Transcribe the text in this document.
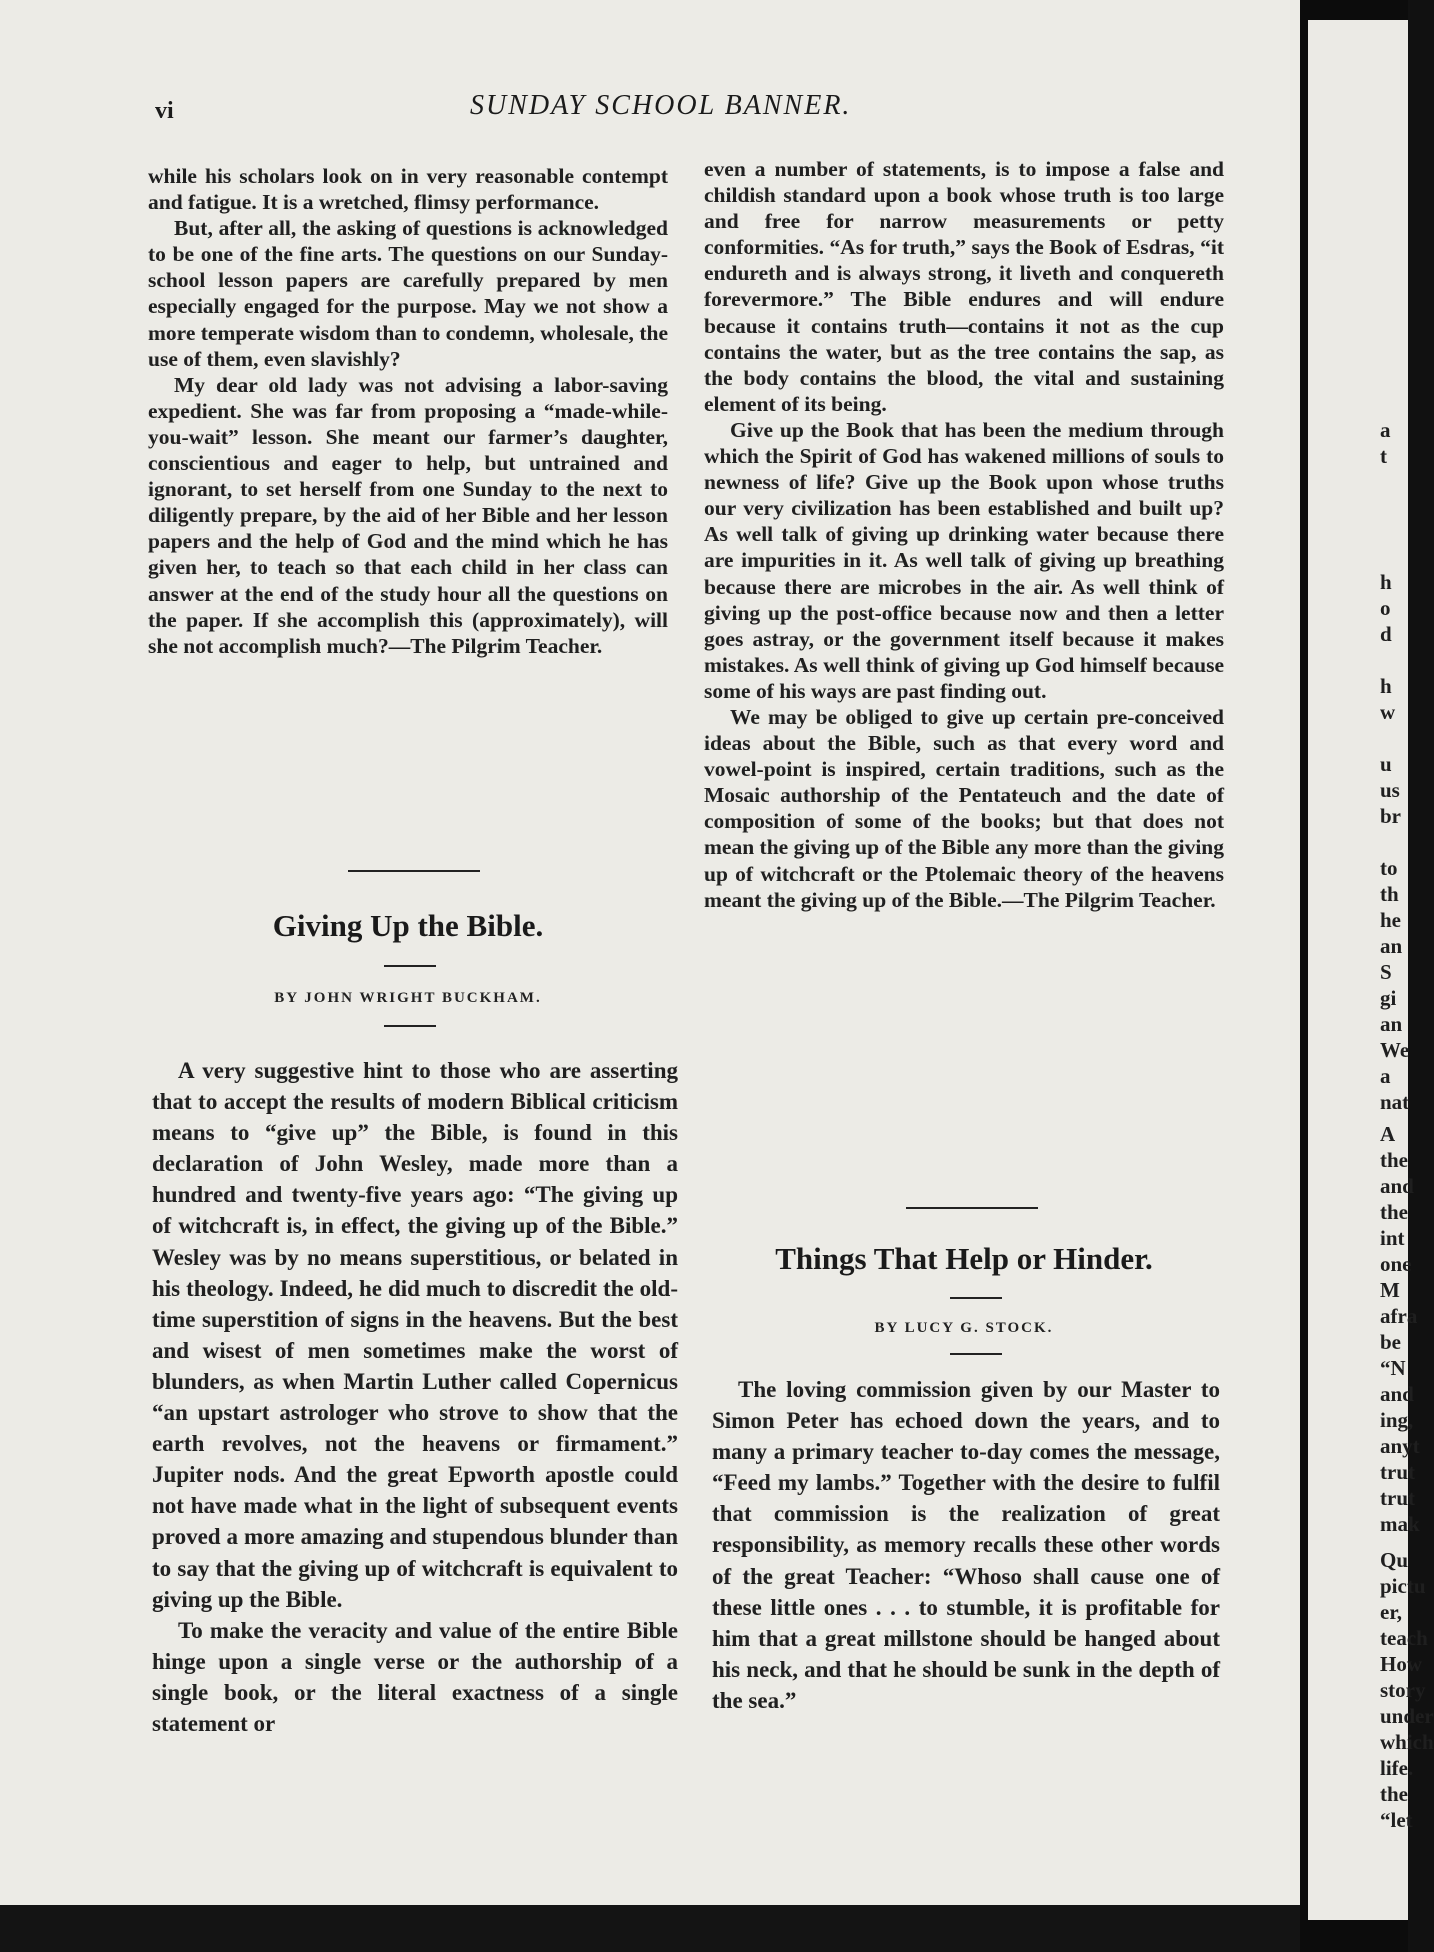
vi	SUNDAY SCHOOL BANNER.

while his scholars look on in very reasonable contempt and fatigue. It is a wretched, flimsy performance.

But, after all, the asking of questions is acknowledged to be one of the fine arts. The questions on our Sunday-school lesson papers are carefully prepared by men especially engaged for the purpose. May we not show a more temperate wisdom than to condemn, wholesale, the use of them, even slavishly?

My dear old lady was not advising a labor-saving expedient. She was far from proposing a “made-while-you-wait” lesson. She meant our farmer’s daughter, conscientious and eager to help, but untrained and ignorant, to set herself from one Sunday to the next to diligently prepare, by the aid of her Bible and her lesson papers and the help of God and the mind which he has given her, to teach so that each child in her class can answer at the end of the study hour all the questions on the paper. If she accomplish this (approximately), will she not accomplish much?—The Pilgrim Teacher.

Giving Up the Bible.
BY JOHN WRIGHT BUCKHAM.

A very suggestive hint to those who are asserting that to accept the results of modern Biblical criticism means to “give up” the Bible, is found in this declaration of John Wesley, made more than a hundred and twenty-five years ago: “The giving up of witchcraft is, in effect, the giving up of the Bible.” Wesley was by no means superstitious, or belated in his theology. Indeed, he did much to discredit the old-time superstition of signs in the heavens. But the best and wisest of men sometimes make the worst of blunders, as when Martin Luther called Copernicus “an upstart astrologer who strove to show that the earth revolves, not the heavens or firmament.” Jupiter nods. And the great Epworth apostle could not have made what in the light of subsequent events proved a more amazing and stupendous blunder than to say that the giving up of witchcraft is equivalent to giving up the Bible.

To make the veracity and value of the entire Bible hinge upon a single verse or the authorship of a single book, or the literal exactness of a single statement or

even a number of statements, is to impose a false and childish standard upon a book whose truth is too large and free for narrow measurements or petty conformities. “As for truth,” says the Book of Esdras, “it endureth and is always strong, it liveth and conquereth forevermore.” The Bible endures and will endure because it contains truth—contains it not as the cup contains the water, but as the tree contains the sap, as the body contains the blood, the vital and sustaining element of its being.

Give up the Book that has been the medium through which the Spirit of God has wakened millions of souls to newness of life? Give up the Book upon whose truths our very civilization has been established and built up? As well talk of giving up drinking water because there are impurities in it. As well talk of giving up breathing because there are microbes in the air. As well think of giving up the post-office because now and then a letter goes astray, or the government itself because it makes mistakes. As well think of giving up God himself because some of his ways are past finding out.

We may be obliged to give up certain pre-conceived ideas about the Bible, such as that every word and vowel-point is inspired, certain traditions, such as the Mosaic authorship of the Pentateuch and the date of composition of some of the books; but that does not mean the giving up of the Bible any more than the giving up of witchcraft or the Ptolemaic theory of the heavens meant the giving up of the Bible.—The Pilgrim Teacher.

Things That Help or Hinder.
BY LUCY G. STOCK.

The loving commission given by our Master to Simon Peter has echoed down the years, and to many a primary teacher to-day comes the message, “Feed my lambs.” Together with the desire to fulfil that commission is the realization of great responsibility, as memory recalls these other words of the great Teacher: “Whoso shall cause one of these little ones . . . to stumble, it is profitable for him that a great millstone should be hanged about his neck, and that he should be sunk in the depth of the sea.”

a
t
h
o
d
h
w
u
us
br
to
th
he
an
S
gi
an
We
a
nat
A
the
and
the
int
one
M
afra
be
“N
and
ing,
anyt
trut
trut
mak
Qu
pictu
er,
teach
How
story
under
which
life.
the
“let
